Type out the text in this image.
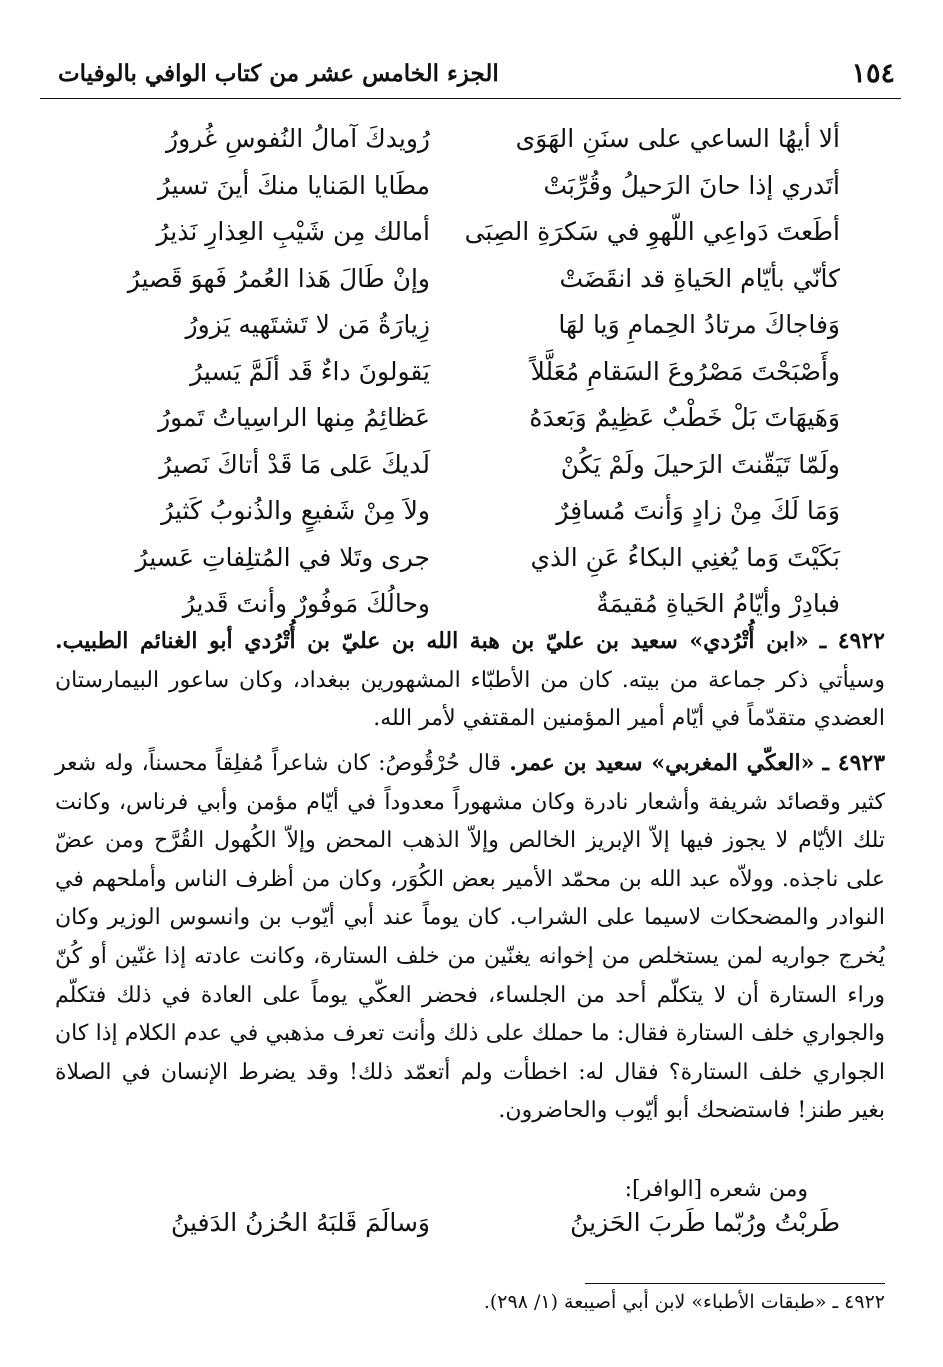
١٥٤
الجزء الخامس عشر من كتاب الوافي بالوفيات
ألا أيهُا الساعي على سنَنِ الهَوَى
رُويدكَ آمالُ النُفوسِ غُرورُ
أتَدري إذا حانَ الرَحيلُ وقُرِّبَتْ
مطَايا المَنايا منكَ أينَ تسيرُ
أطَعتَ دَواعِي اللّهوِ في سَكرَةِ الصِبَى
أمالك مِن شَيْبِ العِذارِ نَذيرُ
كأنّي بأيّام الحَياةِ قد انقَضَتْ
وإنْ طَالَ هَذا العُمرُ فَهوَ قَصيرُ
وَفاجاكَ مرتادُ الحِمامِ وَيا لهَا
زِيارَةُ مَن لا تَشتَهيه يَزورُ
وأَصْبَحْتَ مَصْرُوعَ السَقامِ مُعَلَّلاً
يَقولونَ داءٌ قَد ألَمَّ يَسيرُ
وَهَيهَاتَ بَلْ خَطْبٌ عَظِيمٌ وَبَعدَهُ
عَظائِمُ مِنها الراسِياتُ تَمورُ
ولَمّا تَيَقّنتَ الرَحيلَ ولَمْ يَكُنْ
لَديكَ عَلى مَا قَدْ أتاكَ نَصيرُ
وَمَا لَكَ مِنْ زادٍ وَأنتَ مُسافِرٌ
ولاَ مِنْ شَفيعٍ والذُنوبُ كَثيرُ
بَكَيْتَ وَما يُغنِي البكاءُ عَنِ الذي
جرى وتَلا في المُتلِفاتِ عَسيرُ
فبادِرْ وأيّامُ الحَياةِ مُقيمَةٌ
وحالُكَ مَوفُورٌ وأنتَ قَديرُ
٤٩٢٢ ـ «ابن أُتْرُدي» سعيد بن عليّ بن هبة الله بن عليّ بن أُتْرُدي أبو الغنائم الطبيب. وسيأتي ذكر جماعة من بيته. كان من الأطبّاء المشهورين ببغداد، وكان ساعور البيمارستان العضدي متقدّماً في أيّام أمير المؤمنين المقتفي لأمر الله.
٤٩٢٣ ـ «العكّي المغربي» سعيد بن عمر. قال حُرْقُوصُ: كان شاعراً مُفلِقاً محسناً، وله شعر كثير وقصائد شريفة وأشعار نادرة وكان مشهوراً معدوداً في أيّام مؤمن وأبي فرناس، وكانت تلك الأيّام لا يجوز فيها إلاّ الإبريز الخالص وإلاّ الذهب المحض وإلاّ الكُهول القُرَّح ومن عضّ على ناجذه. وولاّه عبد الله بن محمّد الأمير بعض الكُوَر، وكان من أظرف الناس وأملحهم في النوادر والمضحكات لاسيما على الشراب. كان يوماً عند أبي أيّوب بن وانسوس الوزير وكان يُخرج جواريه لمن يستخلص من إخوانه يغنّين من خلف الستارة، وكانت عادته إذا غنّين أو كُنّ وراء الستارة أن لا يتكلّم أحد من الجلساء، فحضر العكّي يوماً على العادة في ذلك فتكلّم والجواري خلف الستارة فقال: ما حملك على ذلك وأنت تعرف مذهبي في عدم الكلام إذا كان الجواري خلف الستارة؟ فقال له: اخطأت ولم أتعمّد ذلك! وقد يضرط الإنسان في الصلاة بغير طنز! فاستضحك أبو أيّوب والحاضرون.
ومن شعره [الوافر]:
طَربْتُ ورُبّما طَربَ الحَزينُ
وَسالَمَ قَلبَهُ الحُزنُ الدَفينُ
٤٩٢٢ ـ «طبقات الأطباء» لابن أبي أصيبعة (١/ ٢٩٨).
